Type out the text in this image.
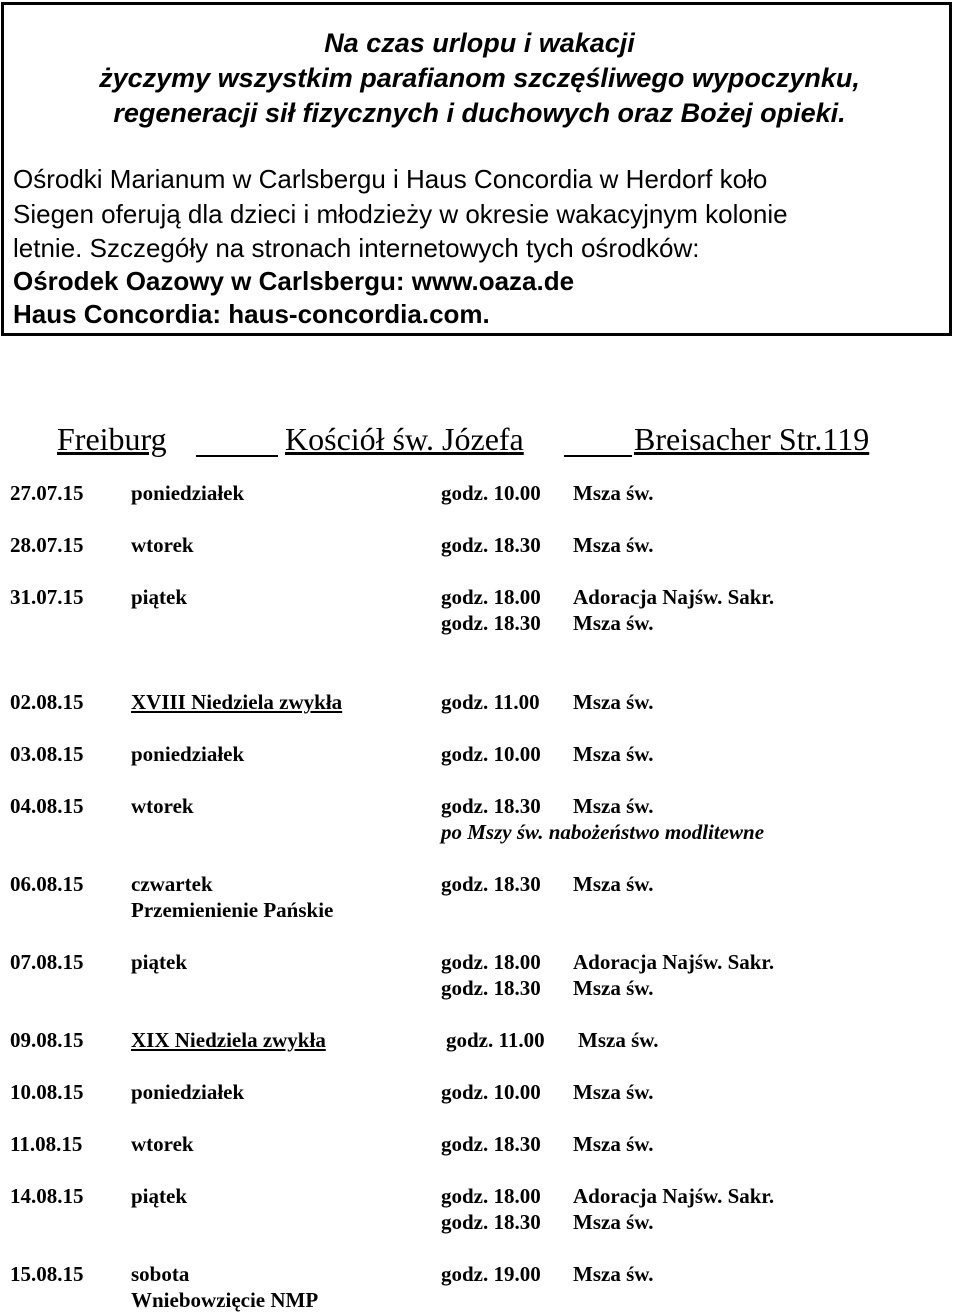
Na czas urlopu i wakacji
życzymy wszystkim parafianom szczęśliwego wypoczynku,
regeneracji sił fizycznych i duchowych oraz Bożej opieki.
Ośrodki Marianum w Carlsbergu i Haus Concordia w Herdorf koło
Siegen oferują dla dzieci i młodzieży w okresie wakacyjnym kolonie
letnie. Szczegóły na stronach internetowych tych ośrodków:
Ośrodek Oazowy w Carlsbergu: www.oaza.de
Haus Concordia: haus-concordia.com.
Freiburg	Kościół św. Józefa	Breisacher Str.119
27.07.15 poniedziałek	godz. 10.00 Msza św.
28.07.15 wtorek	godz. 18.30 Msza św.
31.07.15 piątek	godz. 18.00 Adoracja Najśw. Sakr.
godz. 18.30 Msza św.
02.08.15 XVIII Niedziela zwykła	godz. 11.00 Msza św.
03.08.15 poniedziałek	godz. 10.00 Msza św.
04.08.15 wtorek	godz. 18.30 Msza św.
po Mszy św. nabożeństwo modlitewne
06.08.15 czwartek	godz. 18.30 Msza św.
Przemienienie Pańskie
07.08.15 piątek	godz. 18.00 Adoracja Najśw. Sakr.
godz. 18.30 Msza św.
09.08.15 XIX Niedziela zwykła	godz. 11.00 Msza św.
10.08.15 poniedziałek	godz. 10.00 Msza św.
11.08.15 wtorek	godz. 18.30 Msza św.
14.08.15 piątek	godz. 18.00 Adoracja Najśw. Sakr.
godz. 18.30 Msza św.
15.08.15 sobota	godz. 19.00 Msza św.
Wniebowzięcie NMP
